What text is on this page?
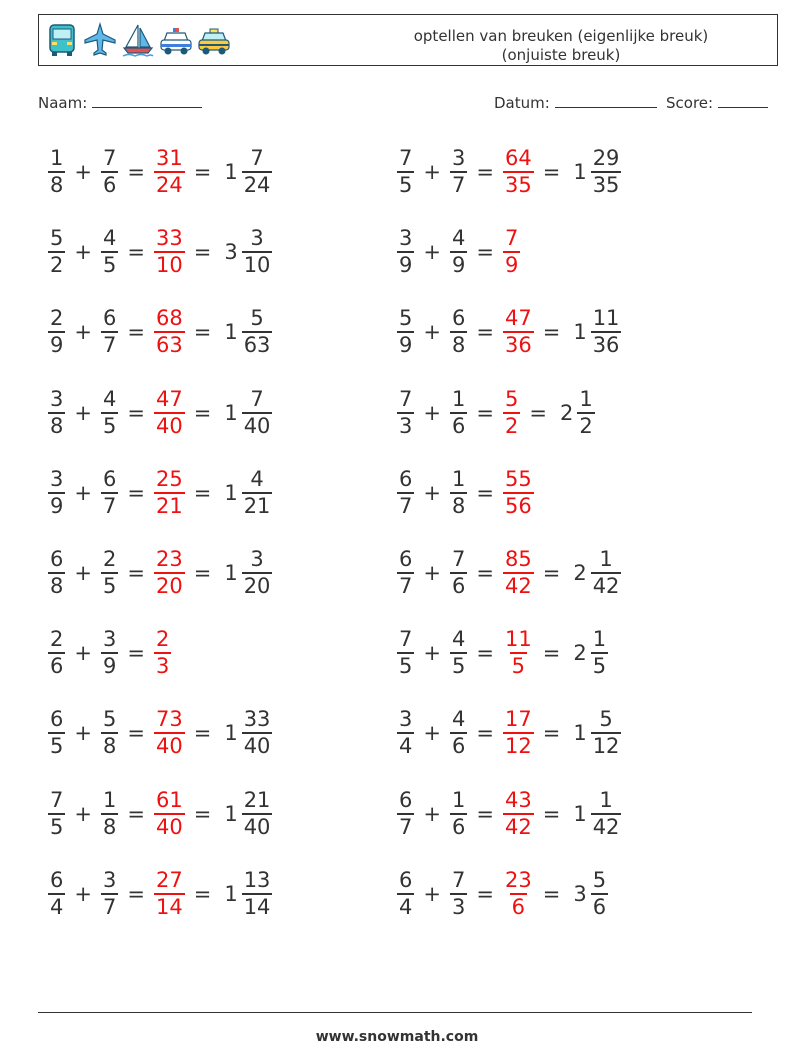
optellen van breuken (eigenlijke breuk)
(onjuiste breuk)
Naam:	Datum:	Score:
$\frac{1}{8} + \frac{7}{6} = \frac{31}{24} = 1 \frac{7}{24}$	$\frac{7}{5} + \frac{3}{7} = \frac{64}{35} = 1 \frac{29}{35}$
$\frac{5}{2} + \frac{4}{5} = \frac{33}{10} = 3 \frac{3}{10}$	$\frac{3}{9} + \frac{4}{9} = \frac{7}{9}$
$\frac{2}{9} + \frac{6}{7} = \frac{68}{63} = 1 \frac{5}{63}$	$\frac{5}{9} + \frac{6}{8} = \frac{47}{36} = 1 \frac{11}{36}$
$\frac{3}{8} + \frac{4}{5} = \frac{47}{40} = 1 \frac{7}{40}$	$\frac{7}{3} + \frac{1}{6} = \frac{5}{2} = 2 \frac{1}{2}$
$\frac{3}{9} + \frac{6}{7} = \frac{25}{21} = 1 \frac{4}{21}$	$\frac{6}{7} + \frac{1}{8} = \frac{55}{56}$
$\frac{6}{8} + \frac{2}{5} = \frac{23}{20} = 1 \frac{3}{20}$	$\frac{6}{7} + \frac{7}{6} = \frac{85}{42} = 2 \frac{1}{42}$
$\frac{2}{6} + \frac{3}{9} = \frac{2}{3}$	$\frac{7}{5} + \frac{4}{5} = \frac{11}{5} = 2 \frac{1}{5}$
$\frac{6}{5} + \frac{5}{8} = \frac{73}{40} = 1 \frac{33}{40}$	$\frac{3}{4} + \frac{4}{6} = \frac{17}{12} = 1 \frac{5}{12}$
$\frac{7}{5} + \frac{1}{8} = \frac{61}{40} = 1 \frac{21}{40}$	$\frac{6}{7} + \frac{1}{6} = \frac{43}{42} = 1 \frac{1}{42}$
$\frac{6}{4} + \frac{3}{7} = \frac{27}{14} = 1 \frac{13}{14}$	$\frac{6}{4} + \frac{7}{3} = \frac{23}{6} = 3 \frac{5}{6}$
www.snowmath.com
